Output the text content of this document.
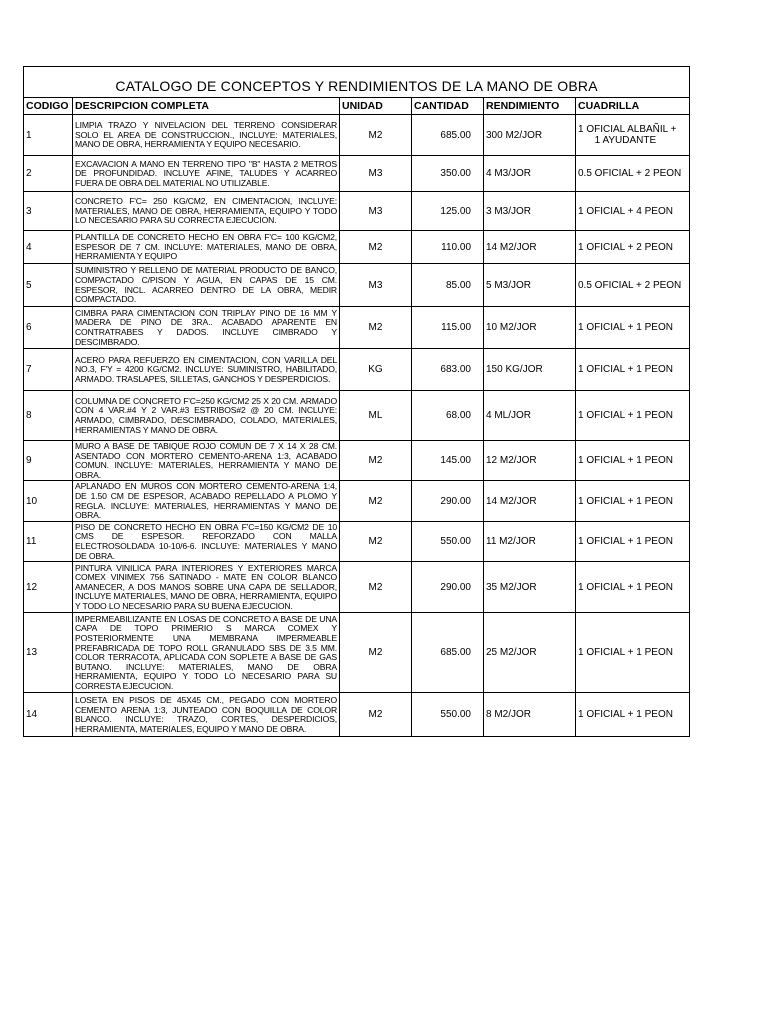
CATALOGO DE CONCEPTOS Y RENDIMIENTOS DE LA MANO DE OBRA					
CODIGO	DESCRIPCION COMPLETA	UNIDAD	CANTIDAD	RENDIMIENTO	CUADRILLA
1	LIMPIA TRAZO Y NIVELACION DEL TERRENO CONSIDERAR SOLO EL AREA DE CONSTRUCCION., INCLUYE: MATERIALES, MANO DE OBRA, HERRAMIENTA Y EQUIPO NECESARIO.	M2	685.00	300 M2/JOR	1 OFICIAL ALBAÑIL +
1 AYUDANTE
2	EXCAVACION A MANO EN TERRENO TIPO "B" HASTA 2 METROS DE PROFUNDIDAD. INCLUYE AFINE, TALUDES Y ACARREO FUERA DE OBRA DEL MATERIAL NO UTILIZABLE.	M3	350.00	4 M3/JOR	0.5 OFICIAL + 2 PEON
3	CONCRETO F'C= 250 KG/CM2, EN CIMENTACION, INCLUYE: MATERIALES, MANO DE OBRA, HERRAMIENTA, EQUIPO Y TODO LO NECESARIO PARA SU CORRECTA EJECUCION.	M3	125.00	3 M3/JOR	1 OFICIAL + 4 PEON
4	PLANTILLA DE CONCRETO HECHO EN OBRA F'C= 100 KG/CM2, ESPESOR DE 7 CM. INCLUYE: MATERIALES, MANO DE OBRA, HERRAMIENTA Y EQUIPO	M2	110.00	14 M2/JOR	1 OFICIAL + 2 PEON
5	SUMINISTRO Y RELLENO DE MATERIAL PRODUCTO DE BANCO, COMPACTADO C/PISON Y AGUA, EN CAPAS DE 15 CM. ESPESOR, INCL. ACARREO DENTRO DE LA OBRA, MEDIR COMPACTADO.	M3	85.00	5 M3/JOR	0.5 OFICIAL + 2 PEON
6	CIMBRA PARA CIMENTACION CON TRIPLAY PINO DE 16 MM Y MADERA DE PINO DE 3RA.. ACABADO APARENTE EN CONTRATRABES Y DADOS. INCLUYE CIMBRADO Y DESCIMBRADO.	M2	115.00	10 M2/JOR	1 OFICIAL + 1 PEON
7	ACERO PARA REFUERZO EN CIMENTACION, CON VARILLA DEL NO.3, F'Y = 4200 KG/CM2. INCLUYE: SUMINISTRO, HABILITADO, ARMADO. TRASLAPES, SILLETAS, GANCHOS Y DESPERDICIOS.	KG	683.00	150 KG/JOR	1 OFICIAL + 1 PEON
8	COLUMNA DE CONCRETO F'C=250 KG/CM2 25 X 20 CM. ARMADO CON 4 VAR.#4 Y 2 VAR.#3 ESTRIBOS#2 @ 20 CM. INCLUYE: ARMADO, CIMBRADO, DESCIMBRADO, COLADO, MATERIALES, HERRAMIENTAS Y MANO DE OBRA.	ML	68.00	4 ML/JOR	1 OFICIAL + 1 PEON
9	MURO A BASE DE TABIQUE ROJO COMUN DE 7 X 14 X 28 CM. ASENTADO CON MORTERO CEMENTO-ARENA 1:3, ACABADO COMUN. INCLUYE: MATERIALES, HERRAMIENTA Y MANO DE OBRA.	M2	145.00	12 M2/JOR	1 OFICIAL + 1 PEON
10	APLANADO EN MUROS CON MORTERO CEMENTO-ARENA 1:4, DE 1.50 CM DE ESPESOR, ACABADO REPELLADO A PLOMO Y REGLA. INCLUYE: MATERIALES, HERRAMIENTAS Y MANO DE OBRA.	M2	290.00	14 M2/JOR	1 OFICIAL + 1 PEON
11	PISO DE CONCRETO HECHO EN OBRA F'C=150 KG/CM2 DE 10 CMS DE ESPESOR. REFORZADO CON MALLA ELECTROSOLDADA 10-10/6-6. INCLUYE: MATERIALES Y MANO DE OBRA.	M2	550.00	11 M2/JOR	1 OFICIAL + 1 PEON
12	PINTURA VINILICA PARA INTERIORES Y EXTERIORES MARCA COMEX VINIMEX 756 SATINADO - MATE EN COLOR BLANCO AMANECER, A DOS MANOS SOBRE UNA CAPA DE SELLADOR, INCLUYE MATERIALES, MANO DE OBRA, HERRAMIENTA, EQUIPO Y TODO LO NECESARIO PARA SU BUENA EJECUCION.	M2	290.00	35 M2/JOR	1 OFICIAL + 1 PEON
13	IMPERMEABILIZANTE EN LOSAS DE CONCRETO A BASE DE UNA CAPA DE TOPO PRIMERIO S MARCA COMEX Y POSTERIORMENTE UNA MEMBRANA IMPERMEABLE PREFABRICADA DE TOPO ROLL GRANULADO SBS DE 3.5 MM. COLOR TERRACOTA, APLICADA CON SOPLETE A BASE DE GAS BUTANO. INCLUYE: MATERIALES, MANO DE OBRA HERRAMIENTA, EQUIPO Y TODO LO NECESARIO PARA SU CORRESTA EJECUCION.	M2	685.00	25 M2/JOR	1 OFICIAL + 1 PEON
14	LOSETA EN PISOS DE 45X45 CM., PEGADO CON MORTERO CEMENTO ARENA 1:3, JUNTEADO CON BOQUILLA DE COLOR BLANCO. INCLUYE: TRAZO, CORTES, DESPERDICIOS, HERRAMIENTA, MATERIALES, EQUIPO Y MANO DE OBRA.	M2	550.00	8 M2/JOR	1 OFICIAL + 1 PEON
